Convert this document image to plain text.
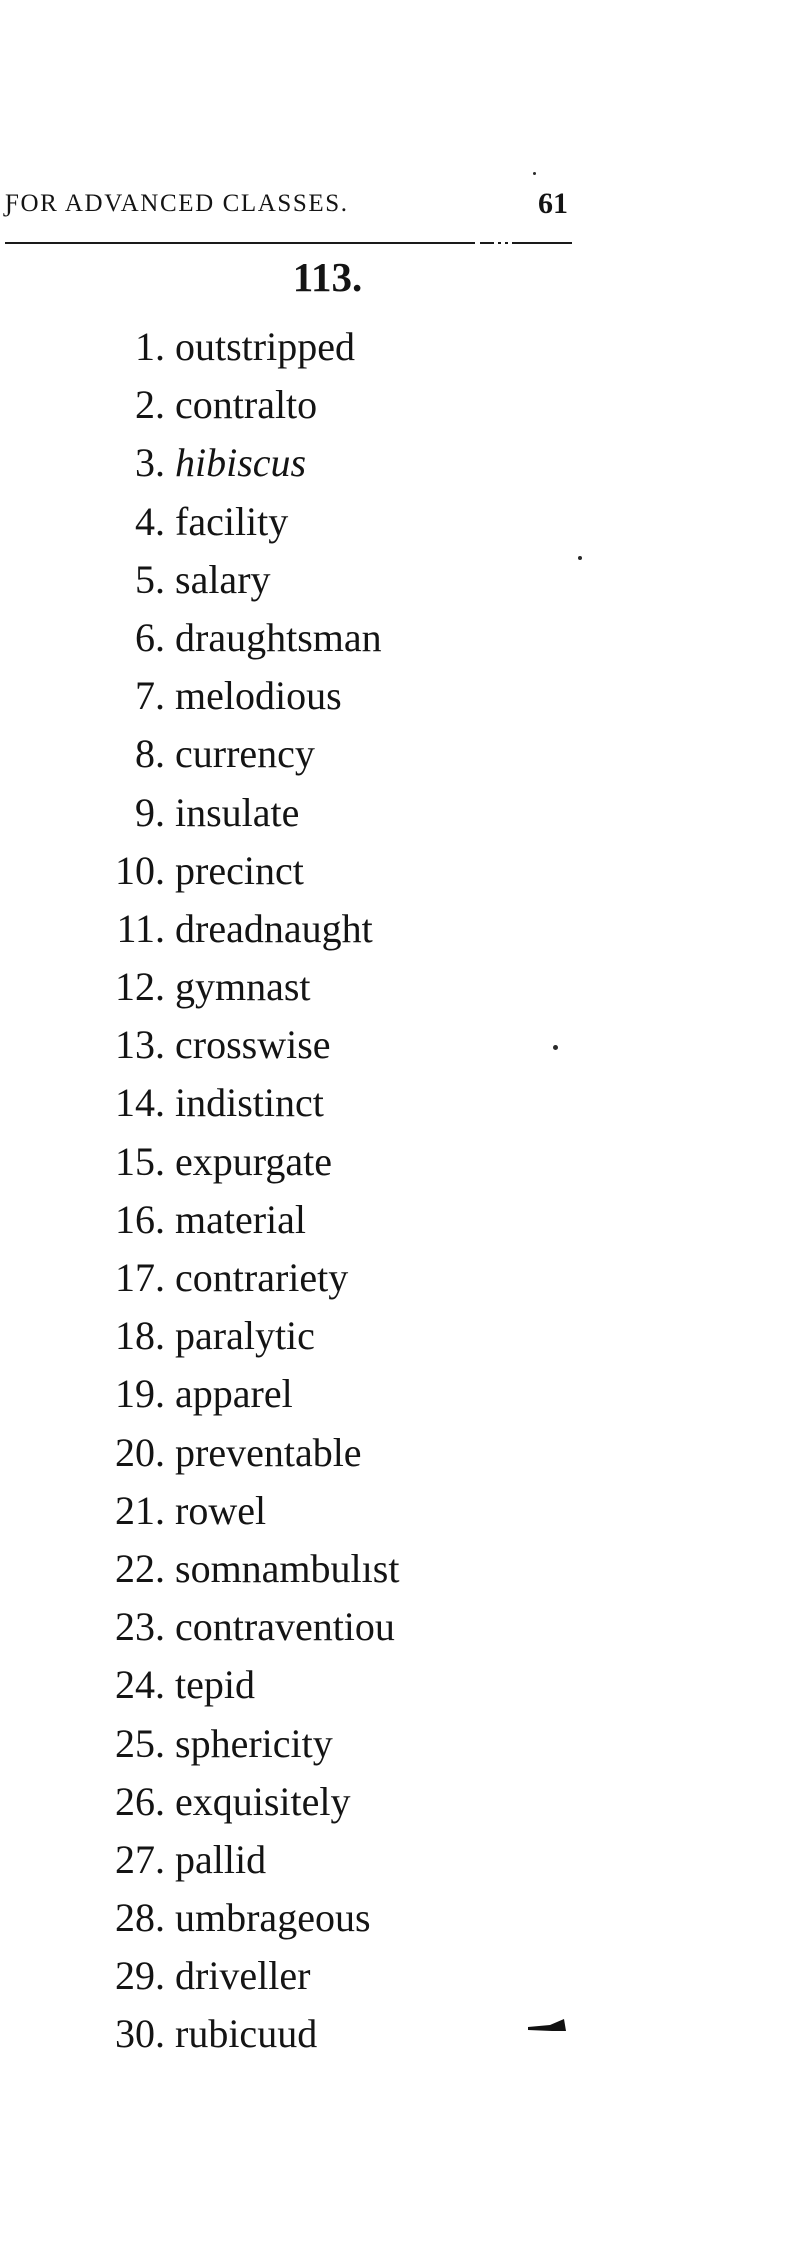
ƑOR ADVANCED CLASSES.	61
113.
1. outstripped
2. contralto
3. hibiscus
4. facility
5. salary
6. draughtsman
7. melodious
8. currency
9. insulate
10. precinct
11. dreadnaught
12. gymnast
13. crosswise
14. indistinct
15. expurgate
16. material
17. contrariety
18. paralytic
19. apparel
20. preventable
21. rowel
22. somnambulıst
23. contraventiou
24. tepid
25. sphericity
26. exquisitely
27. pallid
28. umbrageous
29. driveller
30. rubicuud
